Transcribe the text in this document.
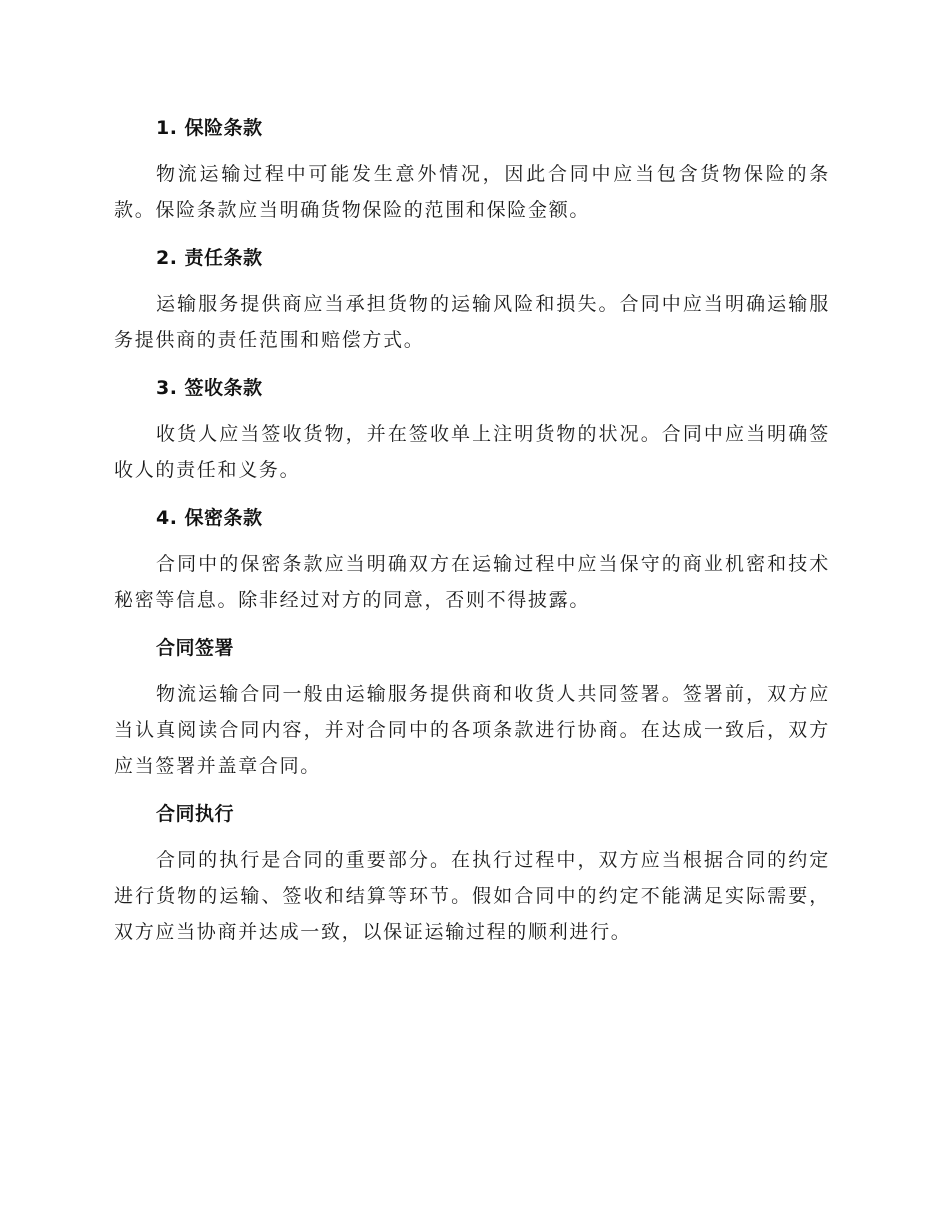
1. 保险条款
物流运输过程中可能发生意外情况，因此合同中应当包含货物保险的条款。保险条款应当明确货物保险的范围和保险金额。
2. 责任条款
运输服务提供商应当承担货物的运输风险和损失。合同中应当明确运输服务提供商的责任范围和赔偿方式。
3. 签收条款
收货人应当签收货物，并在签收单上注明货物的状况。合同中应当明确签收人的责任和义务。
4. 保密条款
合同中的保密条款应当明确双方在运输过程中应当保守的商业机密和技术秘密等信息。除非经过对方的同意，否则不得披露。
合同签署
物流运输合同一般由运输服务提供商和收货人共同签署。签署前，双方应当认真阅读合同内容，并对合同中的各项条款进行协商。在达成一致后，双方应当签署并盖章合同。
合同执行
合同的执行是合同的重要部分。在执行过程中，双方应当根据合同的约定进行货物的运输、签收和结算等环节。假如合同中的约定不能满足实际需要，双方应当协商并达成一致，以保证运输过程的顺利进行。
